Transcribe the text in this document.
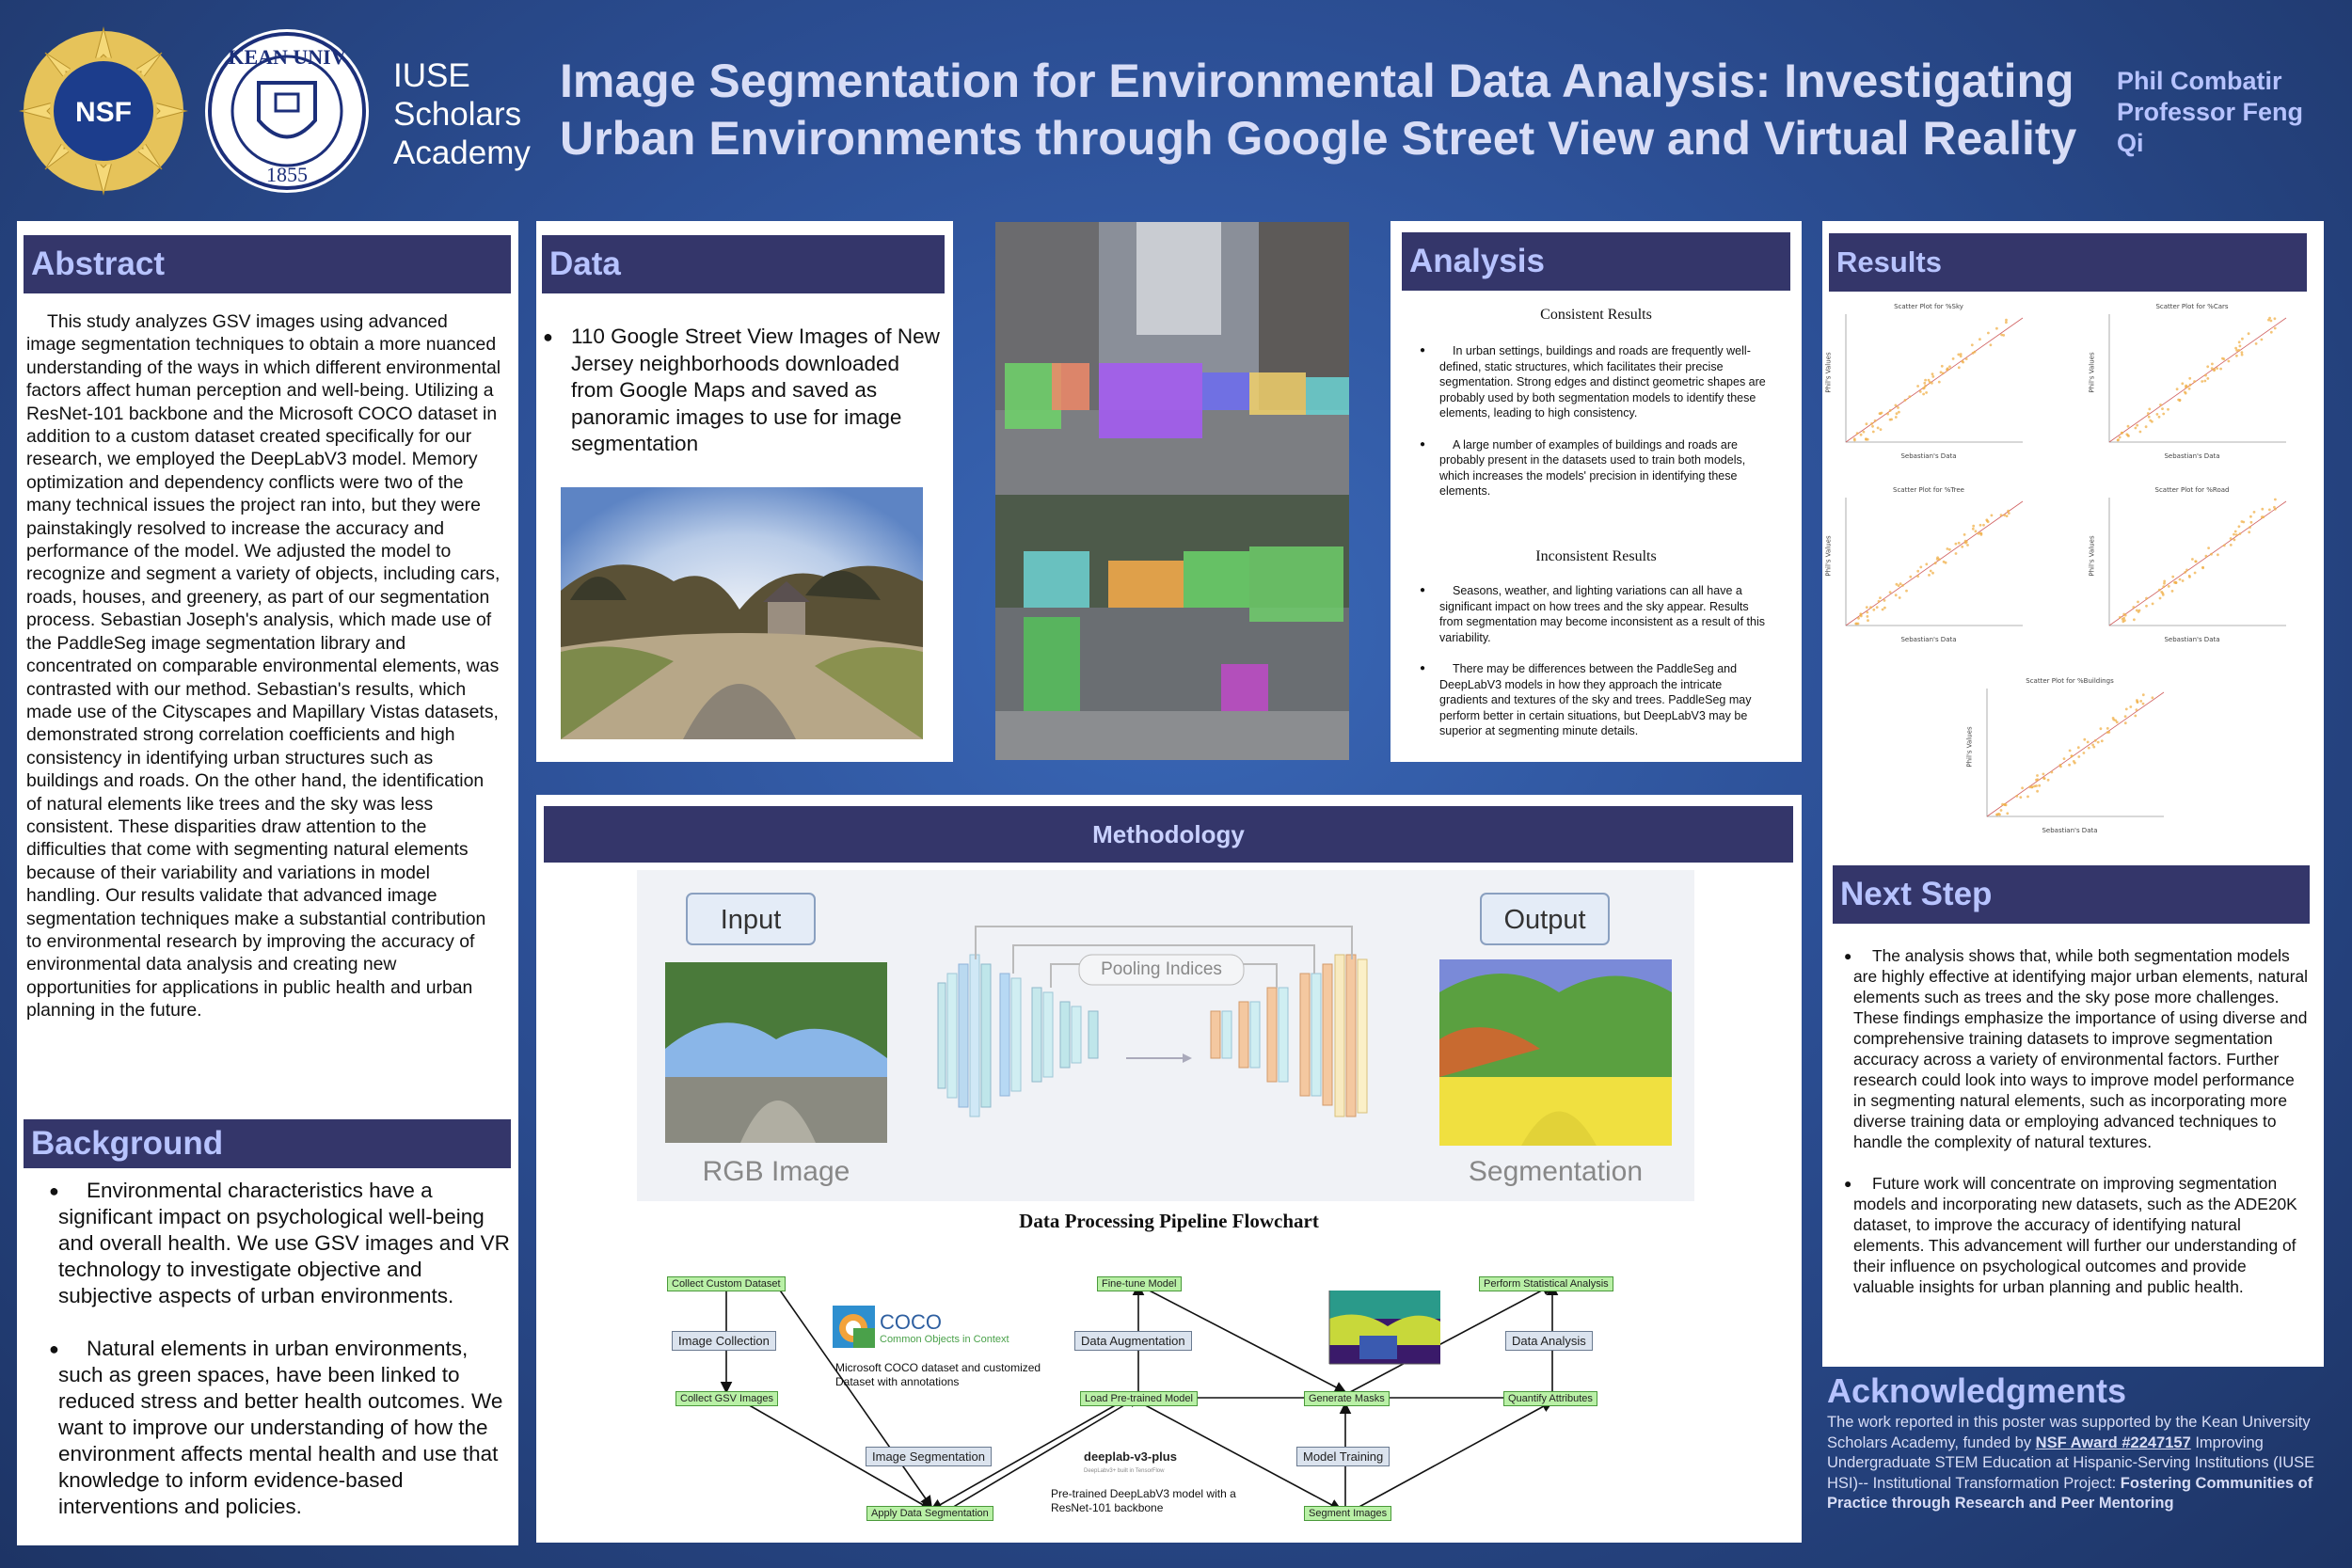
NSF
KEAN UNIV
1855
IUSE
Scholars
Academy
Image Segmentation for Environmental Data Analysis: Investigating Urban Environments through Google Street View and Virtual Reality
Phil Combatir
Professor Feng
Qi
Abstract
This study analyzes GSV images using advanced image segmentation techniques to obtain a more nuanced understanding of the ways in which different environmental factors affect human perception and well-being. Utilizing a ResNet-101 backbone and the Microsoft COCO dataset in addition to a custom dataset created specifically for our research, we employed the DeepLabV3 model. Memory optimization and dependency conflicts were two of the many technical issues the project ran into, but they were painstakingly resolved to increase the accuracy and performance of the model. We adjusted the model to recognize and segment a variety of objects, including cars, roads, houses, and greenery, as part of our segmentation process. Sebastian Joseph's analysis, which made use of the PaddleSeg image segmentation library and concentrated on comparable environmental elements, was contrasted with our method. Sebastian's results, which made use of the Cityscapes and Mapillary Vistas datasets, demonstrated strong correlation coefficients and high consistency in identifying urban structures such as buildings and roads. On the other hand, the identification of natural elements like trees and the sky was less consistent. These disparities draw attention to the difficulties that come with segmenting natural elements because of their variability and variations in model handling. Our results validate that advanced image segmentation techniques make a substantial contribution to environmental research by improving the accuracy of environmental data analysis and creating new opportunities for applications in public health and urban planning in the future.
Background
● Environmental characteristics have a significant impact on psychological well-being and overall health. We use GSV images and VR technology to investigate objective and subjective aspects of urban environments.
● Natural elements in urban environments, such as green spaces, have been linked to reduced stress and better health outcomes. We want to improve our understanding of how the environment affects mental health and use that knowledge to inform evidence-based interventions and policies.
Data
● 110 Google Street View Images of New Jersey neighborhoods downloaded from Google Maps and saved as panoramic images to use for image segmentation
Analysis
Consistent Results
● In urban settings, buildings and roads are frequently well-defined, static structures, which facilitates their precise segmentation. Strong edges and distinct geometric shapes are probably used by both segmentation models to identify these elements, leading to high consistency.
● A large number of examples of buildings and roads are probably present in the datasets used to train both models, which increases the models' precision in identifying these elements.
Inconsistent Results
● Seasons, weather, and lighting variations can all have a significant impact on how trees and the sky appear. Results from segmentation may become inconsistent as a result of this variability.
● There may be differences between the PaddleSeg and DeepLabV3 models in how they approach the intricate gradients and textures of the sky and trees. PaddleSeg may perform better in certain situations, but DeepLabV3 may be superior at segmenting minute details.
Results
Scatter Plot for %Sky
Sebastian's Data
Phil's Values
Scatter Plot for %Cars
Sebastian's Data
Phil's Values
Scatter Plot for %Tree
Sebastian's Data
Phil's Values
Scatter Plot for %Road
Sebastian's Data
Phil's Values
Scatter Plot for %Buildings
Sebastian's Data
Phil's Values
Next Step
● The analysis shows that, while both segmentation models are highly effective at identifying major urban elements, natural elements such as trees and the sky pose more challenges. These findings emphasize the importance of using diverse and comprehensive training datasets to improve segmentation accuracy across a variety of environmental factors. Further research could look into ways to improve model performance in segmenting natural elements, such as incorporating more diverse training data or employing advanced techniques to handle the complexity of natural textures.
● Future work will concentrate on improving segmentation models and incorporating new datasets, such as the ADE20K dataset, to improve the accuracy of identifying natural elements. This advancement will further our understanding of their influence on psychological outcomes and provide valuable insights for urban planning and public health.
Acknowledgments
The work reported in this poster was supported by the Kean University Scholars Academy, funded by NSF Award #2247157 Improving Undergraduate STEM Education at Hispanic-Serving Institutions (IUSE HSI)-- Institutional Transformation Project: Fostering Communities of Practice through Research and Peer Mentoring
Methodology
Input	Output
Pooling Indices
RGB Image	Segmentation
Data Processing Pipeline Flowchart
Collect Custom Dataset
Image Collection
Collect GSV Images
Image Segmentation
Apply Data Segmentation
Fine-tune Model
Data Augmentation
Load Pre-trained Model	Generate Masks
Model Training
Segment Images
Perform Statistical Analysis
Data Analysis
Quantify Attributes
COCO
Common Objects in Context
Microsoft COCO dataset and customized Dataset with annotations
deeplab-v3-plus
DeepLabv3+ built in TensorFlow
Pre-trained DeepLabV3 model with a ResNet-101 backbone
